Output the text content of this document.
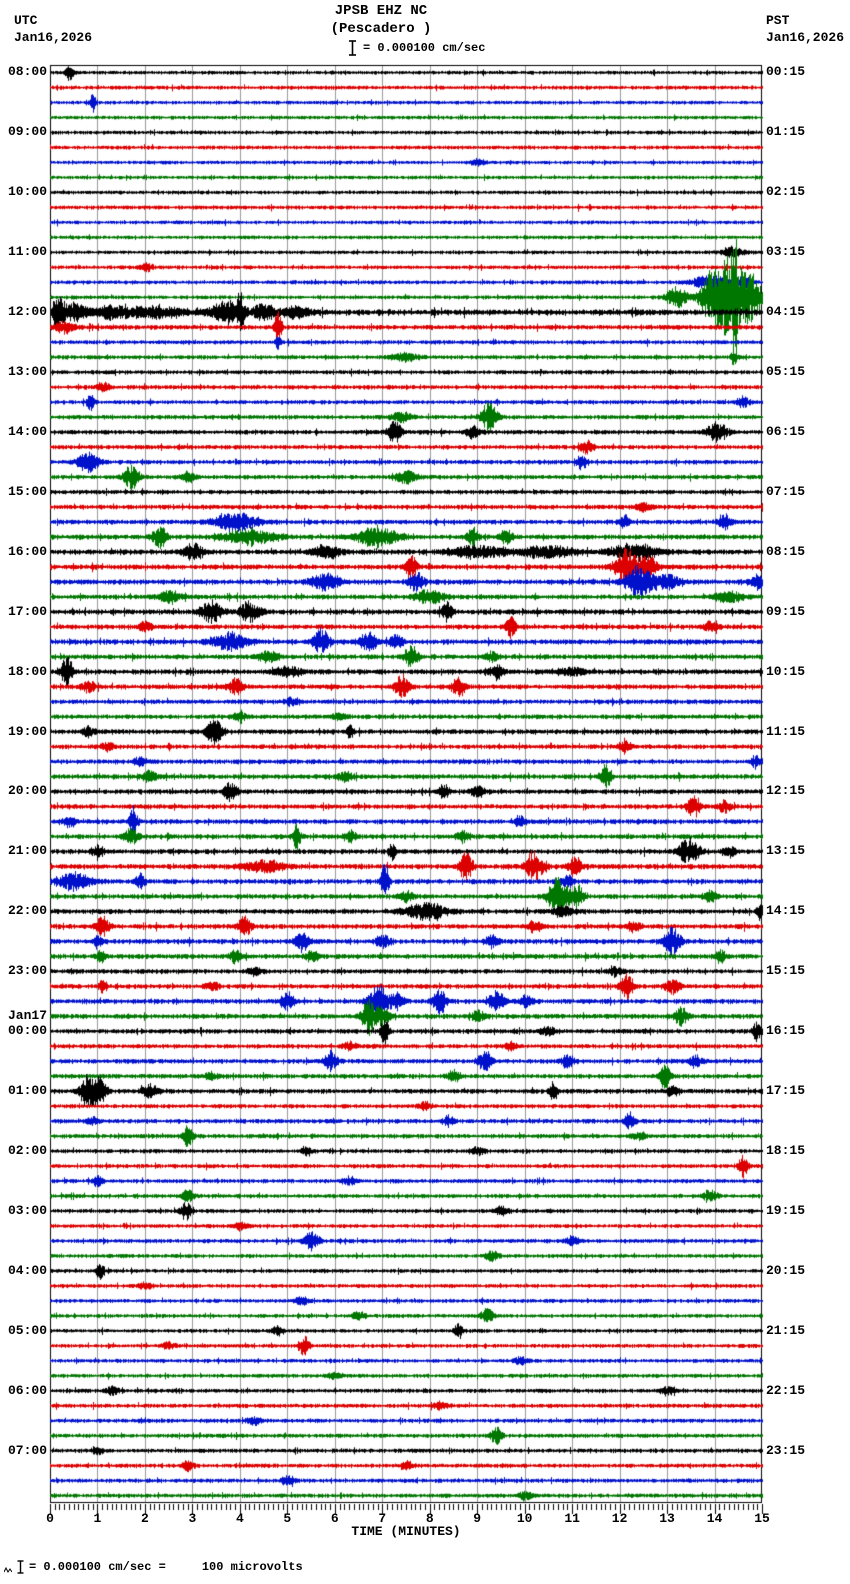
JPSB EHZ NC
(Pescadero )
= 0.000100 cm/sec
UTC
Jan16,2026
PST
Jan16,2026
08:00
09:00
10:00
11:00
12:00
13:00
14:00
15:00
16:00
17:00
18:00
19:00
20:00
21:00
22:00
23:00
00:00
Jan17
01:00
02:00
03:00
04:00
05:00
06:00
07:00
00:15
01:15
02:15
03:15
04:15
05:15
06:15
07:15
08:15
09:15
10:15
11:15
12:15
13:15
14:15
15:15
16:15
17:15
18:15
19:15
20:15
21:15
22:15
23:15
0	1	2	3	4	5	6	7	8	9	10	11	12	13	14	15
TIME (MINUTES)
= 0.000100 cm/sec =     100 microvolts
